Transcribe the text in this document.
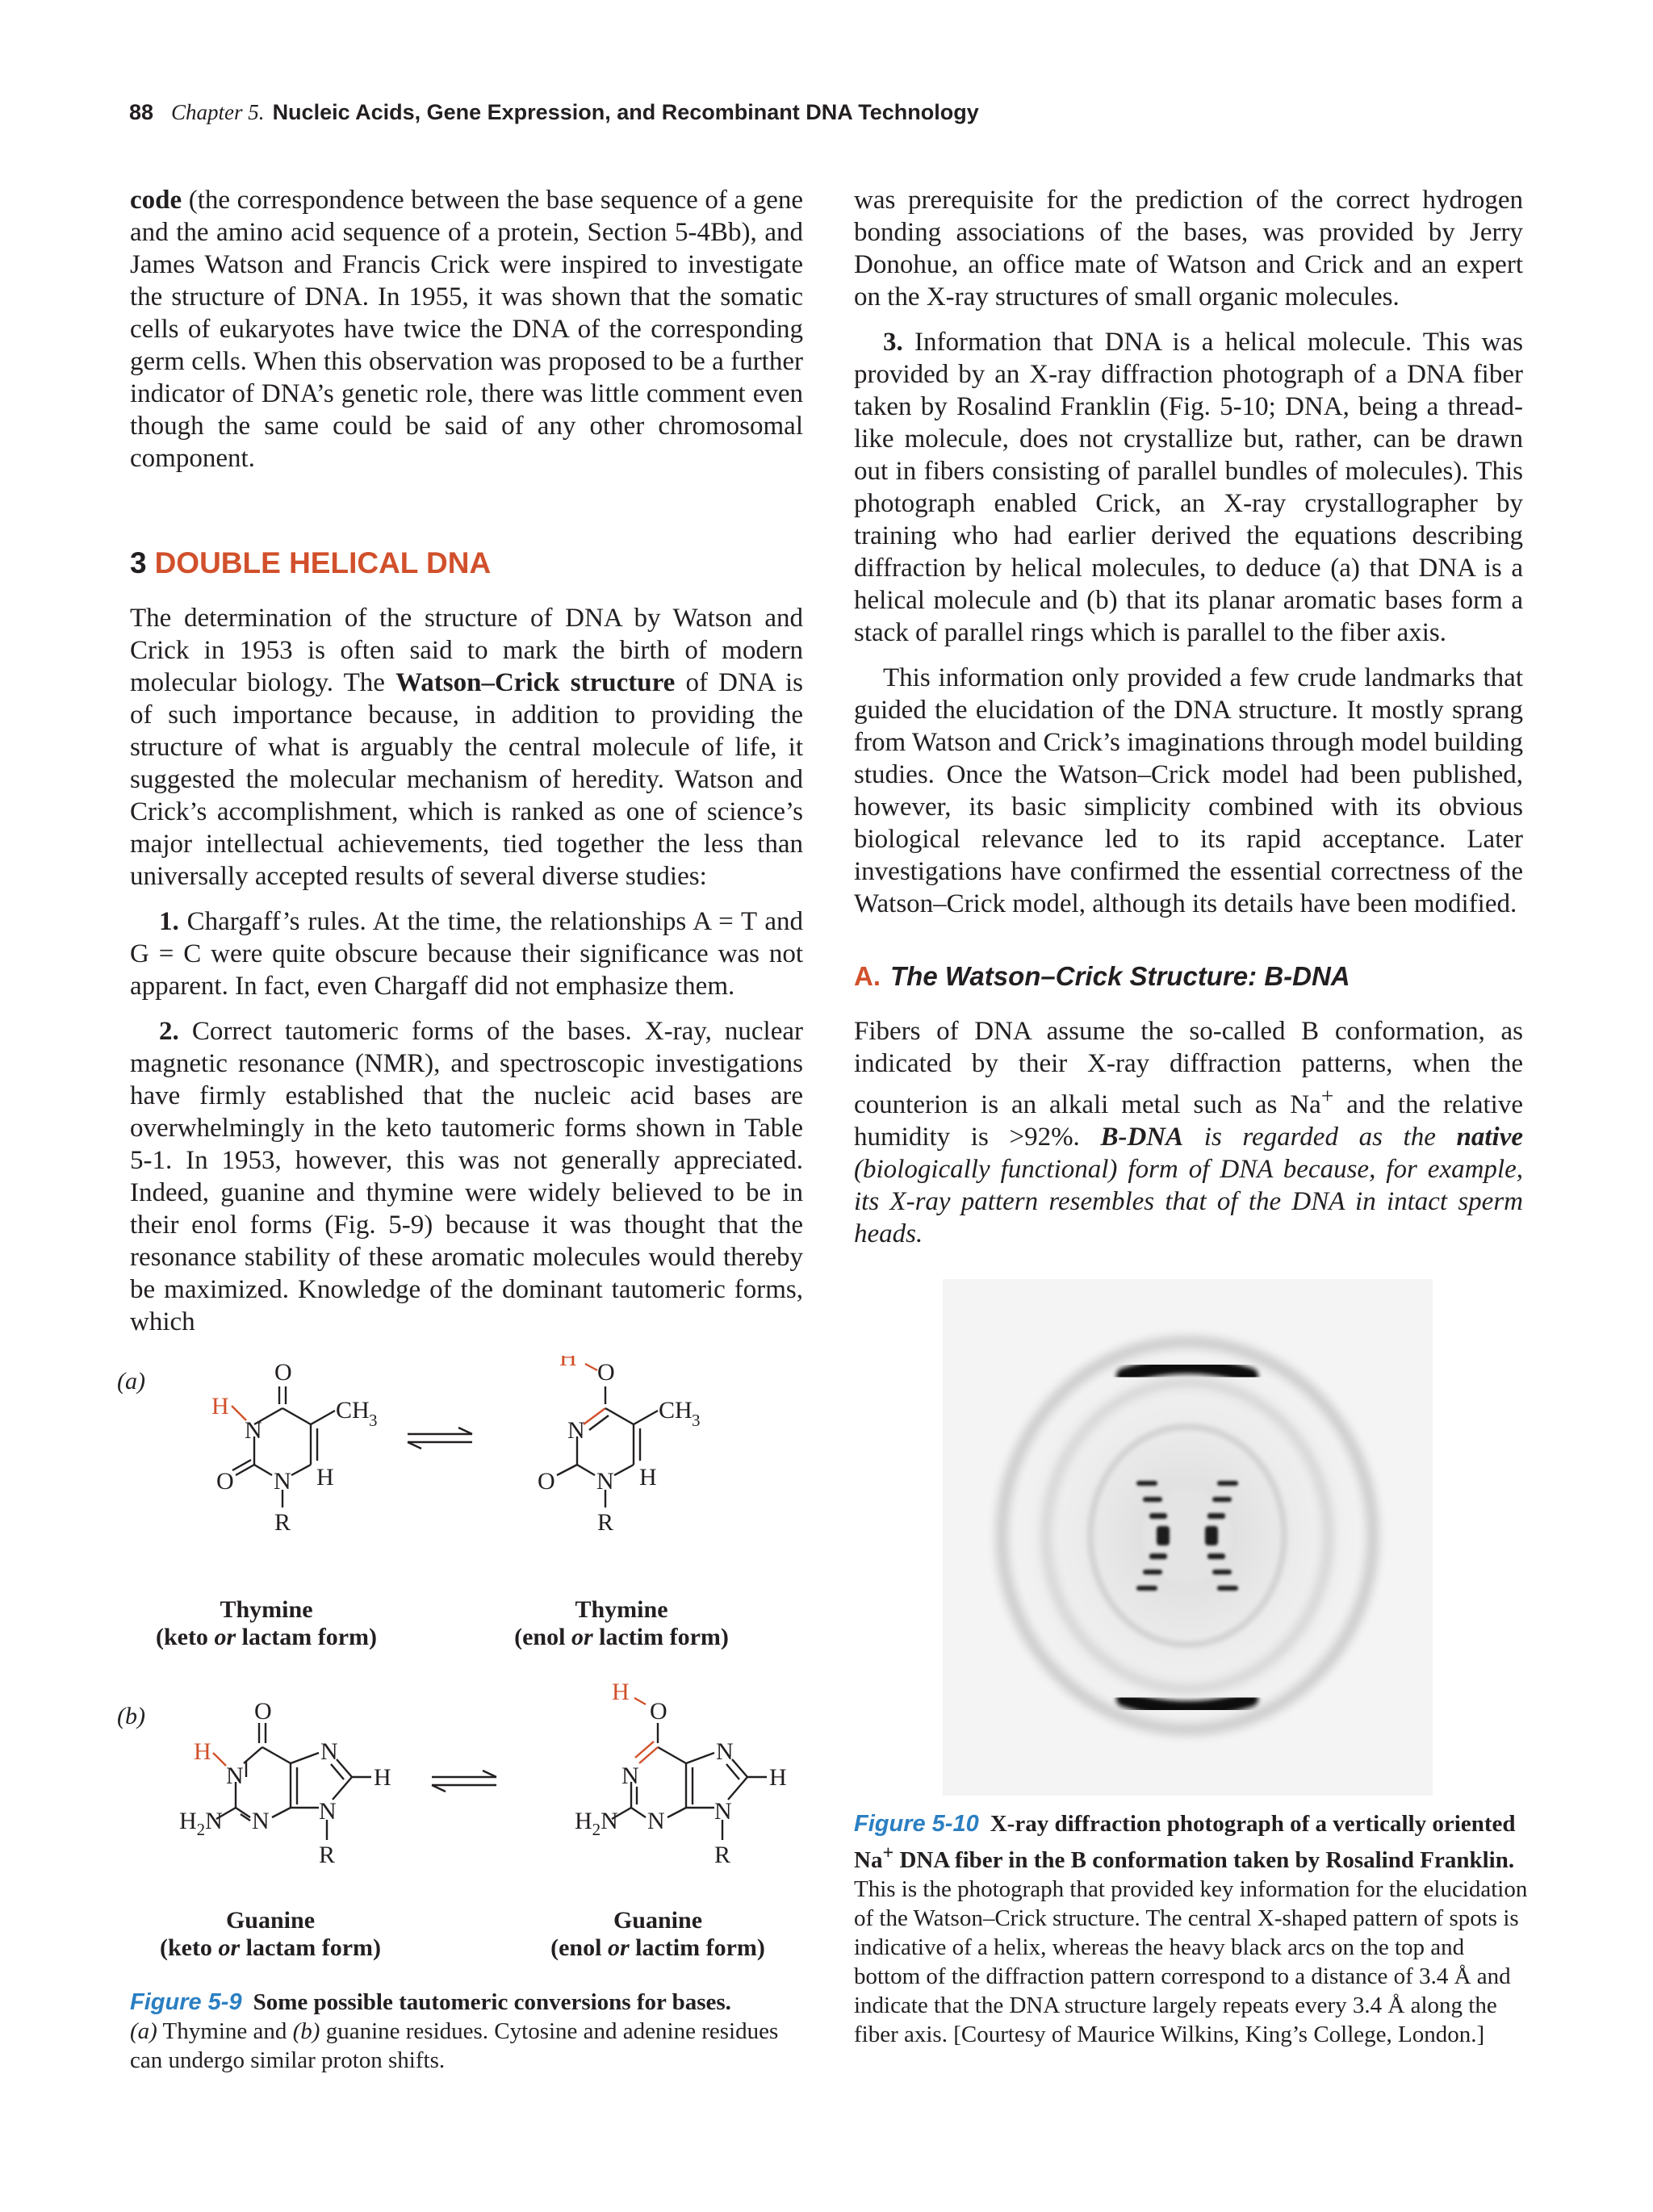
88 Chapter 5. Nucleic Acids, Gene Expression, and Recombinant DNA Technology

code (the correspondence between the base sequence of a gene and the amino acid sequence of a protein, Section 5-4Bb), and James Watson and Francis Crick were inspired to investigate the structure of DNA. In 1955, it was shown that the somatic cells of eukaryotes have twice the DNA of the corresponding germ cells. When this observation was proposed to be a further indicator of DNA’s genetic role, there was little comment even though the same could be said of any other chromosomal component.

3 DOUBLE HELICAL DNA

The determination of the structure of DNA by Watson and Crick in 1953 is often said to mark the birth of modern molecular biology. The Watson–Crick structure of DNA is of such importance because, in addition to providing the structure of what is arguably the central molecule of life, it suggested the molecular mechanism of heredity. Watson and Crick’s accomplishment, which is ranked as one of science’s major intellectual achievements, tied together the less than universally accepted results of several diverse studies:

1. Chargaff’s rules. At the time, the relationships A = T and G = C were quite obscure because their significance was not apparent. In fact, even Chargaff did not emphasize them.

2. Correct tautomeric forms of the bases. X-ray, nuclear magnetic resonance (NMR), and spectroscopic investigations have firmly established that the nucleic acid bases are overwhelmingly in the keto tautomeric forms shown in Table 5-1. In 1953, however, this was not generally appreciated. Indeed, guanine and thymine were widely believed to be in their enol forms (Fig. 5-9) because it was thought that the resonance stability of these aromatic molecules would thereby be maximized. Knowledge of the dominant tautomeric forms, which

was prerequisite for the prediction of the correct hydrogen bonding associations of the bases, was provided by Jerry Donohue, an office mate of Watson and Crick and an expert on the X-ray structures of small organic molecules.

3. Information that DNA is a helical molecule. This was provided by an X-ray diffraction photograph of a DNA fiber taken by Rosalind Franklin (Fig. 5-10; DNA, being a thread-like molecule, does not crystallize but, rather, can be drawn out in fibers consisting of parallel bundles of molecules). This photograph enabled Crick, an X-ray crystallographer by training who had earlier derived the equations describing diffraction by helical molecules, to deduce (a) that DNA is a helical molecule and (b) that its planar aromatic bases form a stack of parallel rings which is parallel to the fiber axis.

This information only provided a few crude landmarks that guided the elucidation of the DNA structure. It mostly sprang from Watson and Crick’s imaginations through model building studies. Once the Watson–Crick model had been published, however, its basic simplicity combined with its obvious biological relevance led to its rapid acceptance. Later investigations have confirmed the essential correctness of the Watson–Crick model, although its details have been modified.

A. The Watson–Crick Structure: B-DNA

Fibers of DNA assume the so-called B conformation, as indicated by their X-ray diffraction patterns, when the counterion is an alkali metal such as Na+ and the relative humidity is >92%. B-DNA is regarded as the native (biologically functional) form of DNA because, for example, its X-ray pattern resembles that of the DNA in intact sperm heads.

(a)
(b)
O
N
H	CH 3
O N H
R
H
O
N
CH 3
O N H
R
O
H
N
N
H
N
N
$H_2N$
R
H
O
N
N
H
N
N
$H_2N$
R
Thymine
(keto or lactam form)
Thymine
(enol or lactim form)
Guanine
(keto or lactam form)
Guanine
(enol or lactim form)
Figure 5-9 Some possible tautomeric conversions for bases.
(a) Thymine and (b) guanine residues. Cytosine and adenine residues can undergo similar proton shifts.
Figure 5-10 X-ray diffraction photograph of a vertically oriented Na+ DNA fiber in the B conformation taken by Rosalind Franklin. This is the photograph that provided key information for the elucidation of the Watson–Crick structure. The central X-shaped pattern of spots is indicative of a helix, whereas the heavy black arcs on the top and bottom of the diffraction pattern correspond to a distance of 3.4 Å and indicate that the DNA structure largely repeats every 3.4 Å along the fiber axis. [Courtesy of Maurice Wilkins, King’s College, London.]
